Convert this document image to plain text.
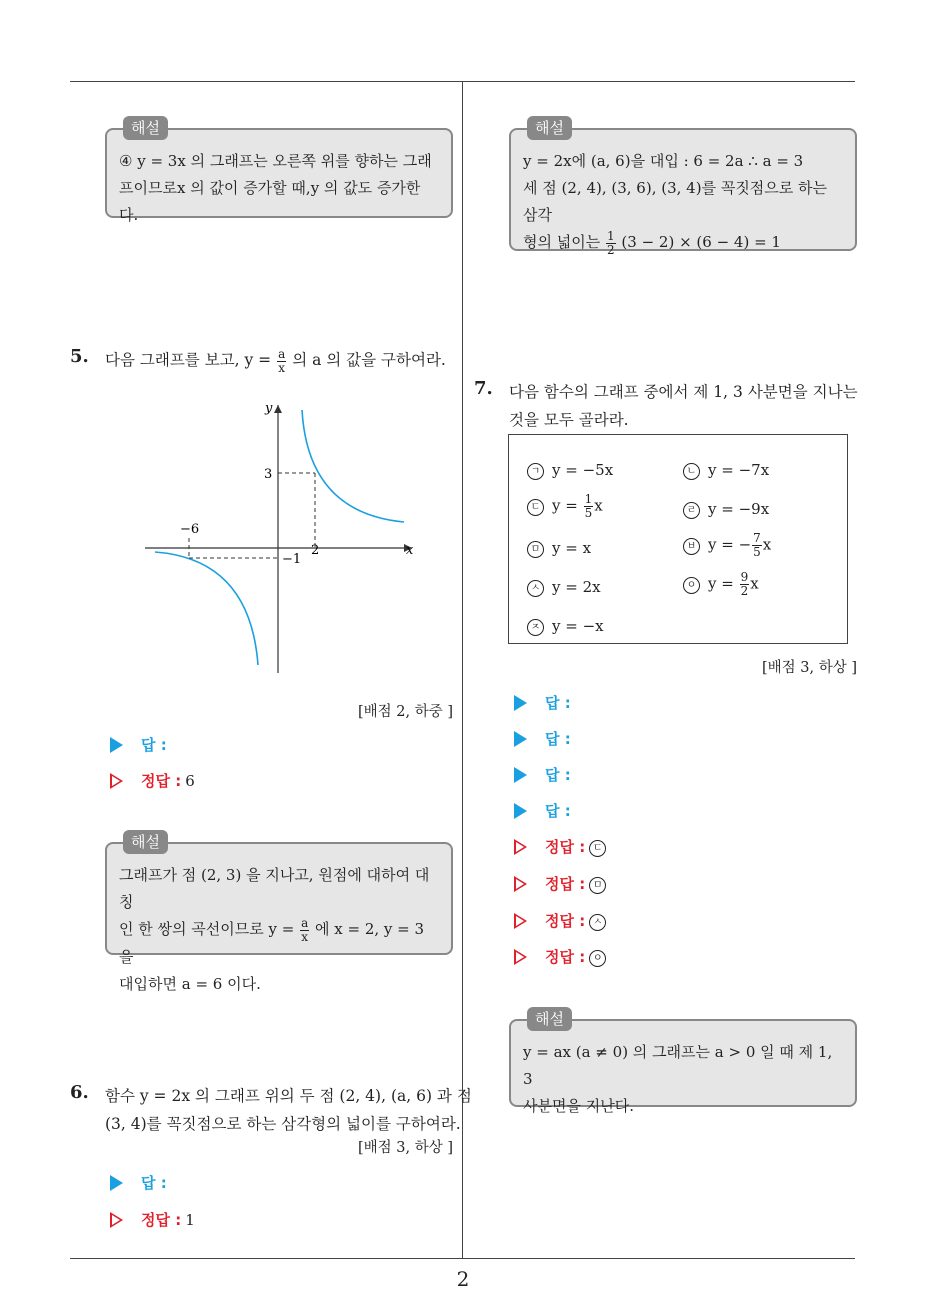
2
해설
④ y = 3x 의 그래프는 오른쪽 위를 향하는 그래
프이므로x 의 값이 증가할 때,y 의 값도 증가한다.
5. 다음 그래프를 보고, $y = \frac{a}{x}$ 의 a 의 값을 구하여라.
y
x
3
−6
2
−1
[배점 2, 하중 ]
답 :
정답 : 6
해설
그래프가 점 (2, 3) 을 지나고, 원점에 대하여 대칭
인 한 쌍의 곡선이므로 $y = \frac{a}{x}$ 에 x = 2, y = 3 을
대입하면 a = 6 이다.
6. 함수 y = 2x 의 그래프 위의 두 점 (2, 4), (a, 6) 과 점
(3, 4)를 꼭짓점으로 하는 삼각형의 넓이를 구하여라.
[배점 3, 하상 ]
답 :
정답 : 1
해설
y = 2x에 (a, 6)을 대입 : 6 = 2a ∴ a = 3
세 점 (2, 4), (3, 6), (3, 4)를 꼭짓점으로 하는 삼각
형의 넓이는 $\frac{1}{2} (3 - 2) \times (6 - 4) = 1$
7. 다음 함수의 그래프 중에서 제 1, 3 사분면을 지나는
것을 모두 골라라.
ㄱ y = −5x	ㄴ y = −7x
ㄷ $y = \frac{1}{5}$ x	ㄹ y = −9x
ㅁ y = x	ㅂ y = − $\frac{7}{5}$ x
ㅅ y = 2x	ㅇ $y = \frac{9}{2}$ x
ㅈ y = −x
[배점 3, 하상 ]
답 :
답 :
답 :
답 :
정답 : ㄷ
정답 : ㅁ
정답 : ㅅ
정답 : ㅇ
해설
y = ax (a ≠ 0) 의 그래프는 a > 0 일 때 제 1, 3
사분면을 지난다.
